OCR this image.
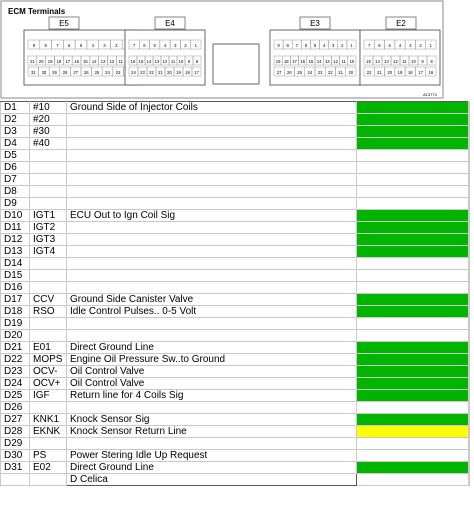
ECM Terminals
A13774
E5
9 8 7 6 5 4 3 2
21 20 19 18 17 16 15 14 13 12 11
31 30 29 28 27 26 25 24 23
E4
7 6 5 4 3 2 1
16 15 14 13 12 11 10 9 8
24 23 22 21 20 19 18 17
E3
9 8 7 6 5 4 3 2 1
19 18 17 16 15 14 13 12 11 10
27 26 25 24 23 22 21 20
E2
7 6 5 4 3 2 1
15 14 13 12 11 10 9 8
22 21 20 19 18 17 16
D1	#10	Ground Side of Injector Coils		
D2	#20			
D3	#30			
D4	#40			
D5				
D6				
D7				
D8				
D9				
D10	IGT1	ECU Out to Ign Coil Sig		
D11	IGT2			
D12	IGT3			
D13	IGT4			
D14				
D15				
D16				
D17	CCV	Ground Side Canister Valve		
D18	RSO	Idle Control Pulses.. 0-5 Volt		
D19				
D20				
D21	E01	Direct Ground Line		
D22	MOPS	Engine Oil Pressure Sw..to Ground		
D23	OCV-	Oil Control Valve		
D24	OCV+	Oil Control Valve		
D25	IGF	Return line for 4 Coils Sig		
D26				
D27	KNK1	Knock Sensor Sig		
D28	EKNK	Knock Sensor Return Line		
D29				
D30	PS	Power Stering Idle Up Request		
D31	E02	Direct Ground Line		
		D Celica		
